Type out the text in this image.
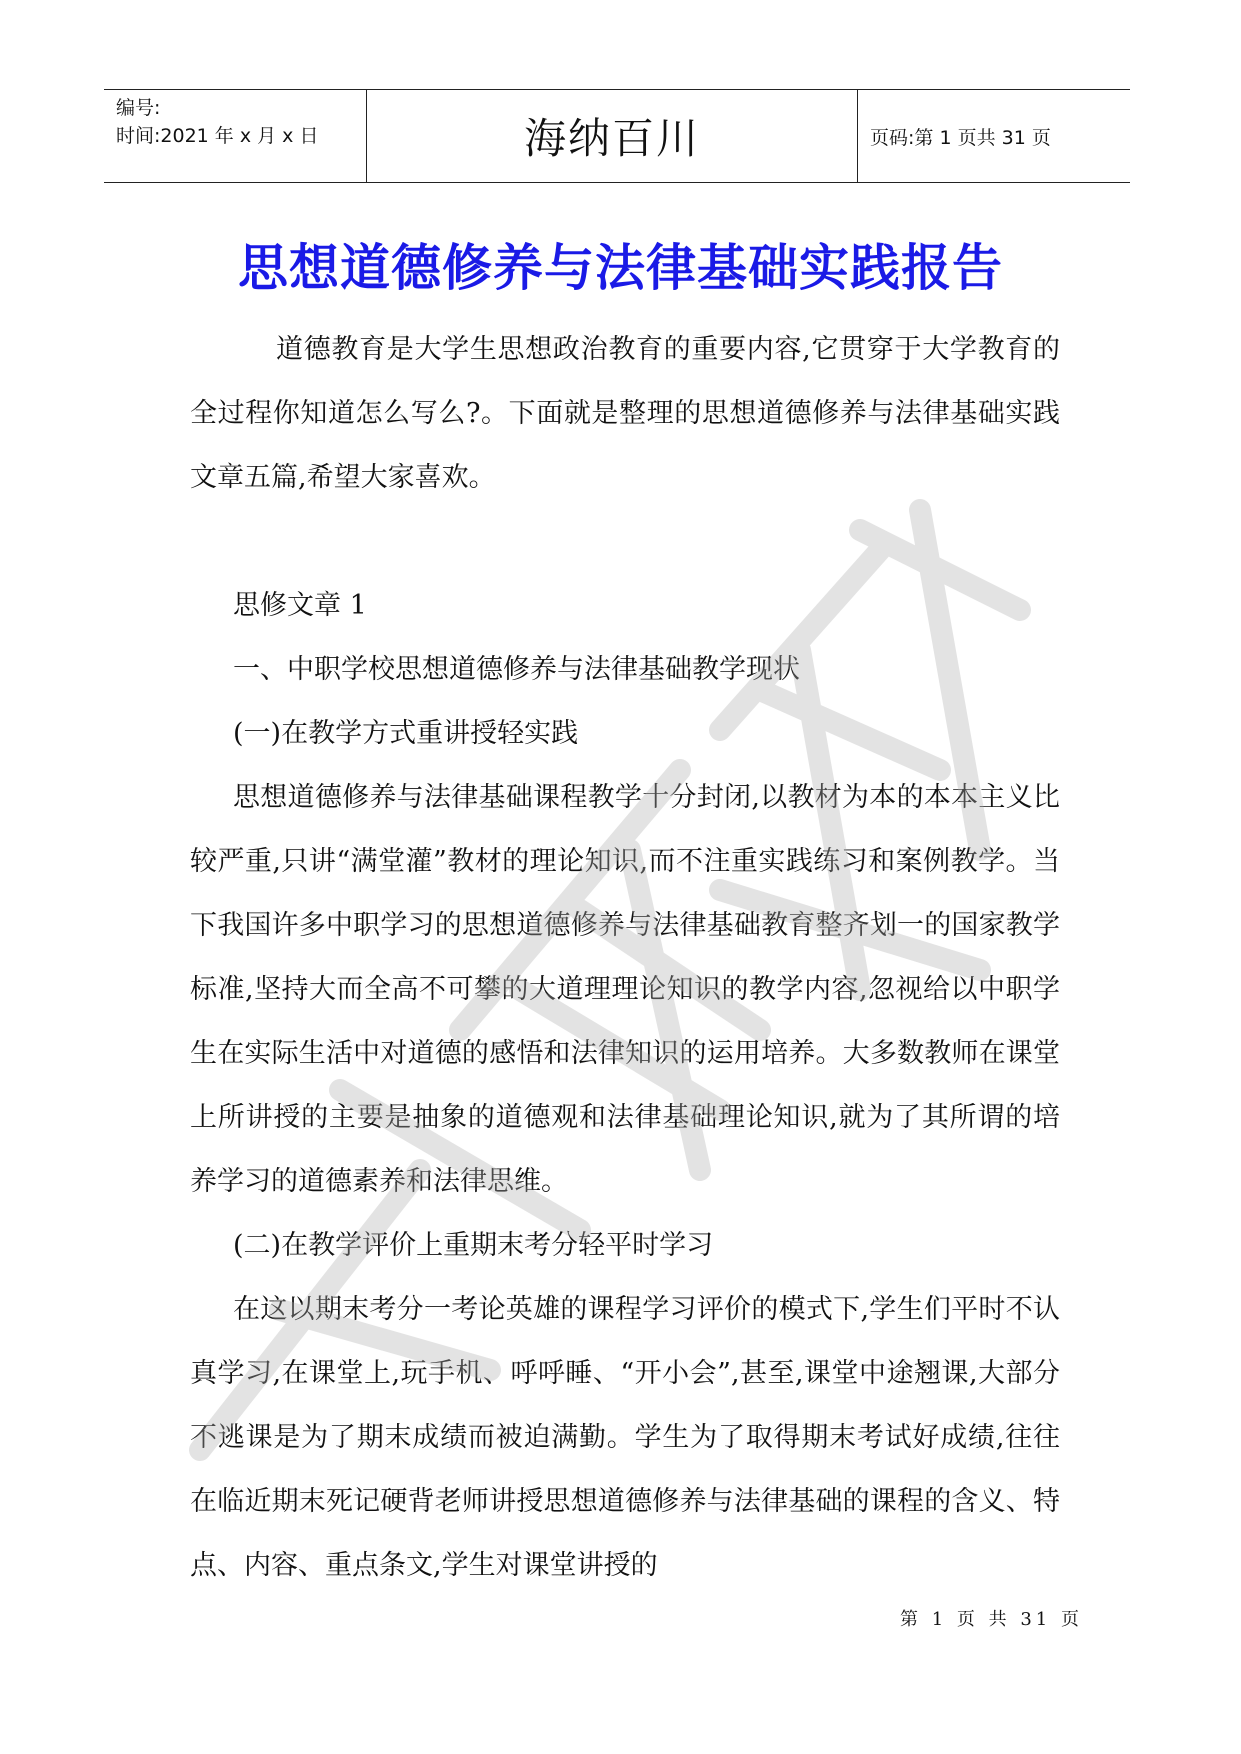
编号:
时间:2021 年 x 月 x 日	海纳百川	页码:第 1 页共 31 页
思想道德修养与法律基础实践报告

道德教育是大学生思想政治教育的重要内容,它贯穿于大学教育的全过程你知道怎么写么?。下面就是整理的思想道德修养与法律基础实践文章五篇,希望大家喜欢。

思修文章 1

一、中职学校思想道德修养与法律基础教学现状

(一)在教学方式重讲授轻实践

思想道德修养与法律基础课程教学十分封闭,以教材为本的本本主义比较严重,只讲“满堂灌”教材的理论知识,而不注重实践练习和案例教学。当下我国许多中职学习的思想道德修养与法律基础教育整齐划一的国家教学标准,坚持大而全高不可攀的大道理理论知识的教学内容,忽视给以中职学生在实际生活中对道德的感悟和法律知识的运用培养。大多数教师在课堂上所讲授的主要是抽象的道德观和法律基础理论知识,就为了其所谓的培养学习的道德素养和法律思维。

(二)在教学评价上重期末考分轻平时学习

在这以期末考分一考论英雄的课程学习评价的模式下,学生们平时不认真学习,在课堂上,玩手机、呼呼睡、“开小会”,甚至,课堂中途翘课,大部分不逃课是为了期末成绩而被迫满勤。学生为了取得期末考试好成绩,往往在临近期末死记硬背老师讲授思想道德修养与法律基础的课程的含义、特点、内容、重点条文,学生对课堂讲授的

第 1 页 共 31 页
